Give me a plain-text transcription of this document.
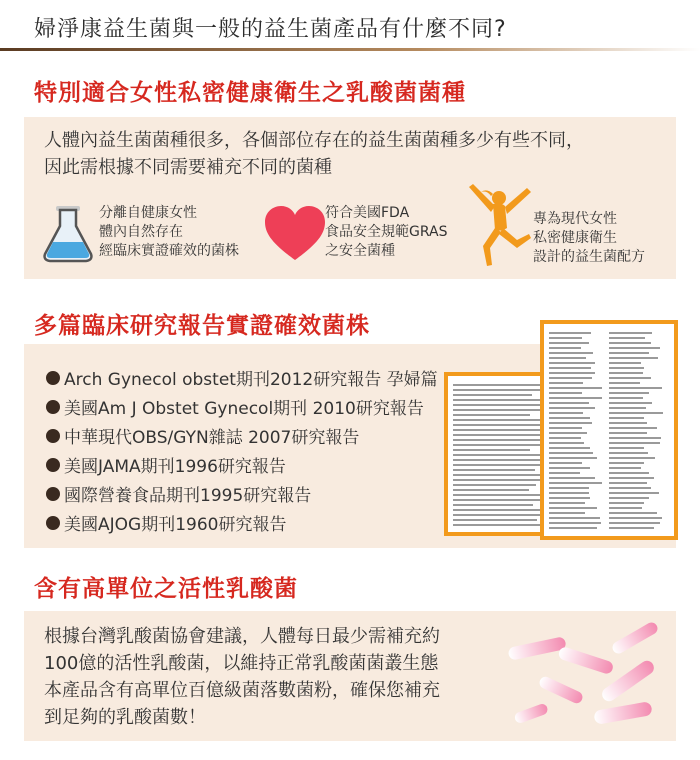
婦淨康益生菌與一般的益生菌產品有什麼不同?
特別適合女性私密健康衛生之乳酸菌菌種
人體內益生菌菌種很多，各個部位存在的益生菌菌種多少有些不同，
因此需根據不同需要補充不同的菌種
分離自健康女性
體內自然存在
經臨床實證確效的菌株
符合美國FDA
食品安全規範GRAS
之安全菌種
專為現代女性
私密健康衛生
設計的益生菌配方
多篇臨床研究報告實證確效菌株
Arch Gynecol obstet期刊2012研究報告 孕婦篇
美國Am J Obstet Gynecol期刊 2010研究報告
中華現代OBS/GYN雜誌 2007研究報告
美國JAMA期刊1996研究報告
國際營養食品期刊1995研究報告
美國AJOG期刊1960研究報告
含有高單位之活性乳酸菌
根據台灣乳酸菌協會建議，人體每日最少需補充約
100億的活性乳酸菌，以維持正常乳酸菌菌叢生態
本產品含有高單位百億級菌落數菌粉，確保您補充
到足夠的乳酸菌數！
